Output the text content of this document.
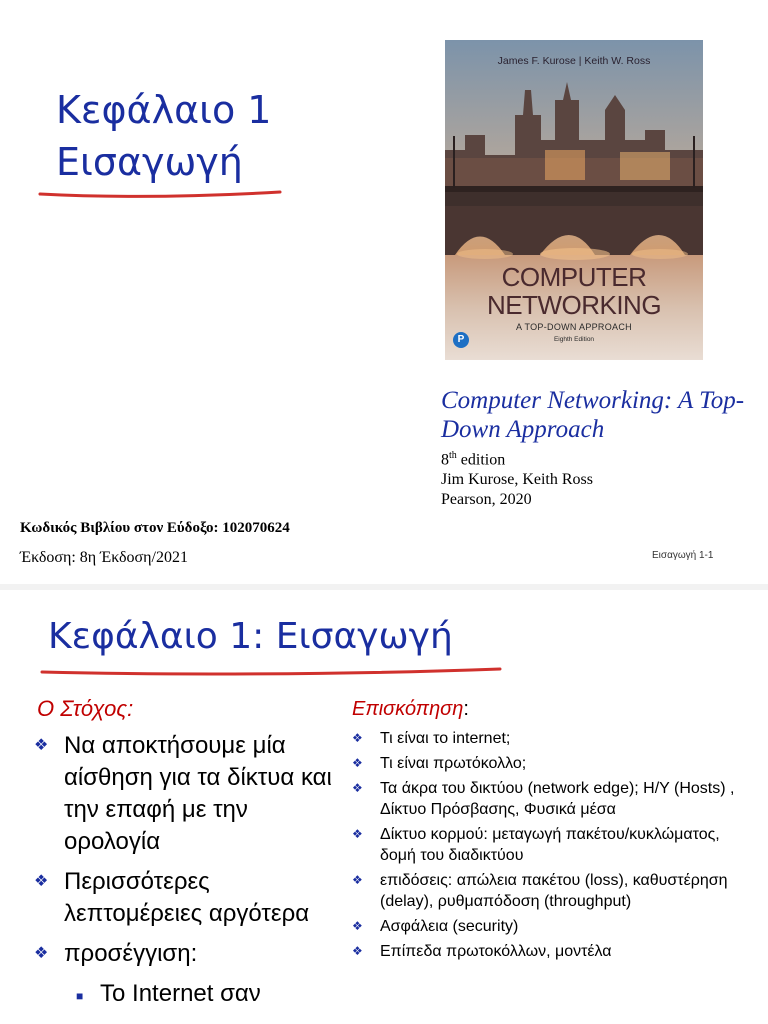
Κεφάλαιο 1
Εισαγωγή
James F. Kurose | Keith W. Ross
COMPUTER
NETWORKING
A TOP-DOWN APPROACH
Eighth Edition
P
Computer Networking: A Top-Down Approach
8th edition
Jim Kurose, Keith Ross
Pearson, 2020
Κωδικός Βιβλίου στον Εύδοξο: 102070624
Έκδοση: 8η Έκδοση/2021	Εισαγωγή 1-1
Κεφάλαιο 1: Εισαγωγή
Ο Στόχος:	Επισκόπηση:
❖ Να αποκτήσουμε μία αίσθηση για τα δίκτυα και την επαφή με την ορολογία
❖ Περισσότερες λεπτομέρειες αργότερα
❖ προσέγγιση:
■ Το Internet σαν
❖ Τι είναι το internet;
❖ Τι είναι πρωτόκολλο;
❖ Τα άκρα του δικτύου (network edge); Η/Υ (Hosts) , Δίκτυο Πρόσβασης, Φυσικά μέσα
❖ Δίκτυο κορμού: μεταγωγή πακέτου/κυκλώματος, δομή του διαδικτύου
❖ επιδόσεις: απώλεια πακέτου (loss), καθυστέρηση (delay), ρυθμαπόδοση (throughput)
❖ Ασφάλεια (security)
❖ Επίπεδα πρωτοκόλλων, μοντέλα
